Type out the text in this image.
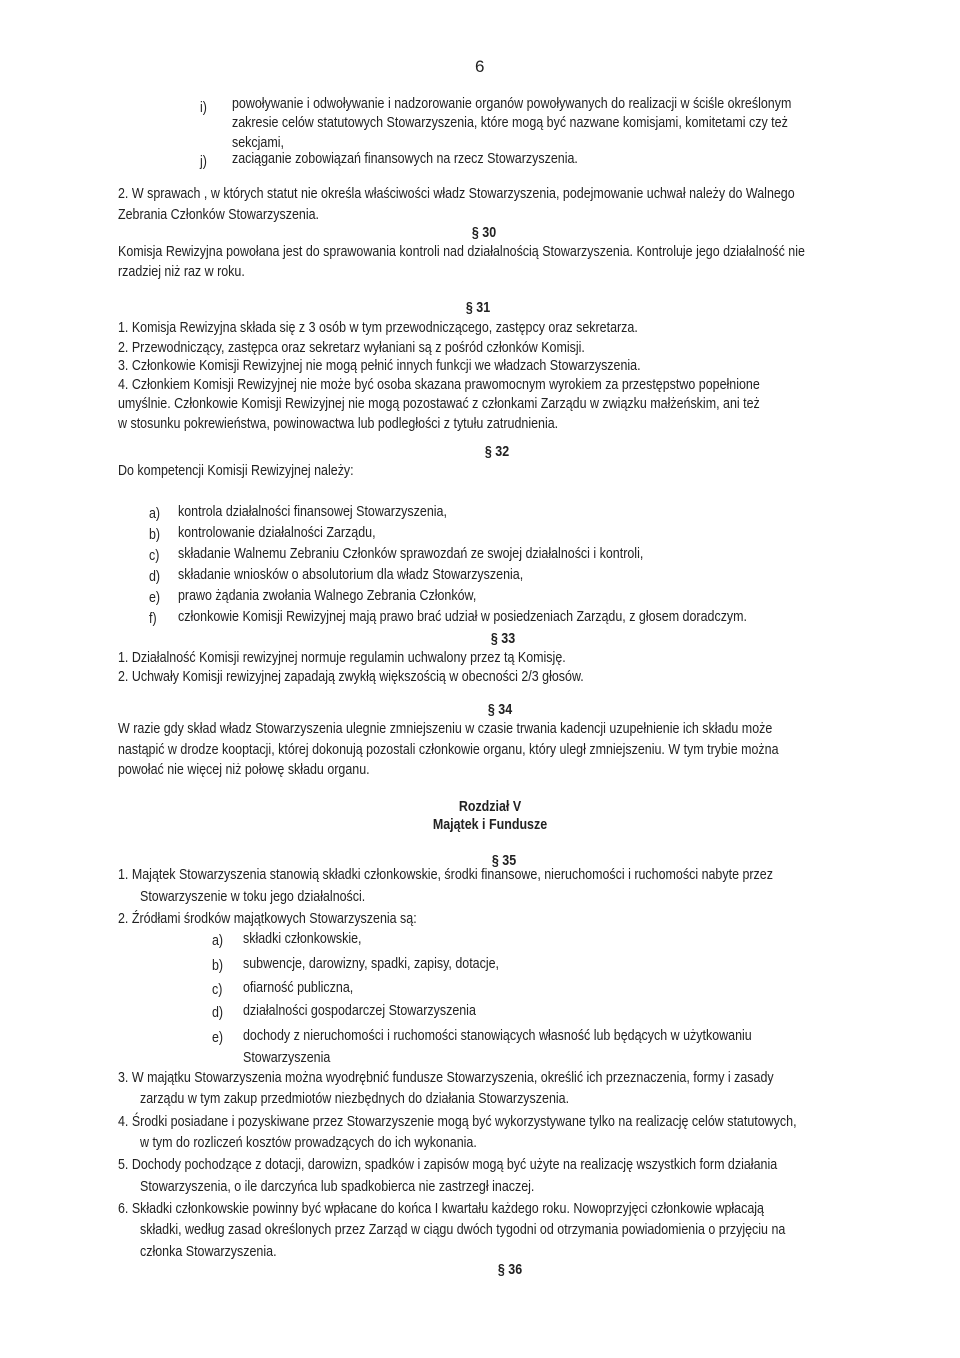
6
i) powoływanie i odwoływanie i nadzorowanie organów powoływanych do realizacji w ściśle określonym
zakresie celów statutowych Stowarzyszenia, które mogą być nazwane komisjami, komitetami czy też
sekcjami,
j) zaciąganie zobowiązań finansowych na rzecz Stowarzyszenia.
2. W sprawach , w których statut nie określa właściwości władz Stowarzyszenia, podejmowanie uchwał należy do Walnego
Zebrania Członków Stowarzyszenia.
§ 30
Komisja Rewizyjna powołana jest do sprawowania kontroli nad działalnością Stowarzyszenia. Kontroluje jego działalność nie
rzadziej niż raz w roku.
§ 31
1. Komisja Rewizyjna składa się z 3 osób w tym przewodniczącego, zastępcy oraz sekretarza.
2. Przewodniczący, zastępca oraz sekretarz wyłaniani są z pośród członków Komisji.
3. Członkowie Komisji Rewizyjnej nie mogą pełnić innych funkcji we władzach Stowarzyszenia.
4. Członkiem Komisji Rewizyjnej nie może być osoba skazana prawomocnym wyrokiem za przestępstwo popełnione
umyślnie. Członkowie Komisji Rewizyjnej nie mogą pozostawać z członkami Zarządu w związku małżeńskim, ani też
w stosunku pokrewieństwa, powinowactwa lub podległości z tytułu zatrudnienia.
§ 32
Do kompetencji Komisji Rewizyjnej należy:
a) kontrola działalności finansowej Stowarzyszenia,
b) kontrolowanie działalności Zarządu,
c) składanie Walnemu Zebraniu Członków sprawozdań ze swojej działalności i kontroli,
d) składanie wniosków o absolutorium dla władz Stowarzyszenia,
e) prawo żądania zwołania Walnego Zebrania Członków,
f) członkowie Komisji Rewizyjnej mają prawo brać udział w posiedzeniach Zarządu, z głosem doradczym.
§ 33
1. Działalność Komisji rewizyjnej normuje regulamin uchwalony przez tą Komisję.
2. Uchwały Komisji rewizyjnej zapadają zwykłą większością w obecności 2/3 głosów.
§ 34
W razie gdy skład władz Stowarzyszenia ulegnie zmniejszeniu w czasie trwania kadencji uzupełnienie ich składu może
nastąpić w drodze kooptacji, której dokonują pozostali członkowie organu, który uległ zmniejszeniu. W tym trybie można
powołać nie więcej niż połowę składu organu.
Rozdział V
Majątek i Fundusze
§ 35
1. Majątek Stowarzyszenia stanowią składki członkowskie, środki finansowe, nieruchomości i ruchomości nabyte przez
Stowarzyszenie w toku jego działalności.
2. Źródłami środków majątkowych Stowarzyszenia są:
a) składki członkowskie,
b) subwencje, darowizny, spadki, zapisy, dotacje,
c) ofiarność publiczna,
d) działalności gospodarczej Stowarzyszenia
e) dochody z nieruchomości i ruchomości stanowiących własność lub będących w użytkowaniu
Stowarzyszenia
3. W majątku Stowarzyszenia można wyodrębnić fundusze Stowarzyszenia, określić ich przeznaczenia, formy i zasady
zarządu w tym zakup przedmiotów niezbędnych do działania Stowarzyszenia.
4. Środki posiadane i pozyskiwane przez Stowarzyszenie mogą być wykorzystywane tylko na realizację celów statutowych,
w tym do rozliczeń kosztów prowadzących do ich wykonania.
5. Dochody pochodzące z dotacji, darowizn, spadków i zapisów mogą być użyte na realizację wszystkich form działania
Stowarzyszenia, o ile darczyńca lub spadkobierca nie zastrzegł inaczej.
6. Składki członkowskie powinny być wpłacane do końca I kwartału każdego roku. Nowoprzyjęci członkowie wpłacają
składki, według zasad określonych przez Zarząd w ciągu dwóch tygodni od otrzymania powiadomienia o przyjęciu na
członka Stowarzyszenia.
§ 36
